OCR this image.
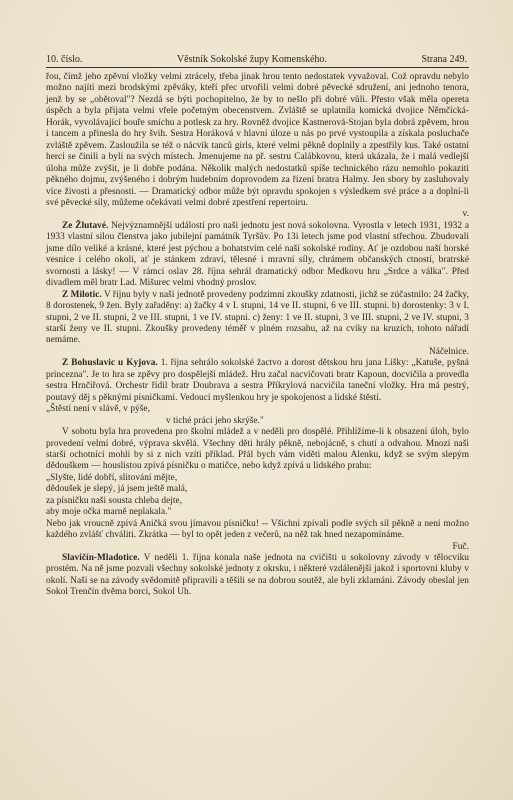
10. číslo.	Věstník Sokolské župy Komenského.	Strana 249.

řou, čímž jeho zpěvní vložky velmi ztrácely, třeba jinak hrou tento nedostatek vyvažoval. Což opravdu nebylo možno najíti mezi brodskými zpěváky, kteří přec utvořili velmi dobré pěvecké sdružení, ani jednoho tenora, jenž by se „obětoval"? Nezdá se býti pochopitelno, že by to nešlo při dobré vůli. Přesto však měla opereta úspěch a byla přijata velmi vřele početným obecenstvem. Zvláště se uplatnila komická dvojice Němčická-Horák, vyvolávající bouře smíchu a potlesk za hry. Rovněž dvojice Kastnerová-Stojan byla dobrá zpěvem, hrou i tancem a přinesla do hry švih. Sestra Horáková v hlavní úloze u nás po prvé vystoupila a získala posluchače zvláště zpěvem. Zasloužila se též o nácvik tanců girls, které velmi pěkně doplnily a zpestřily kus. Také ostatní herci se činili a byli na svých místech. Jmenujeme na př. sestru Calábkovou, která ukázala, že i malá vedlejší úloha může zvýšit, je li dobře podána. Několik malých nedostatků spíše technického rázu nemohlo pokaziti pěkného dojmu, zvýšeného i dobrým hudebním doprovodem za řízení bratra Halmy. Jen sbory by zasluhovaly více živosti a přesnosti. — Dramatický odbor může být opravdu spokojen s výsledkem své práce a a doplní-li své pěvecké síly, můžeme očekávati velmi dobré zpestření repertoiru.

v.

Ze Žlutavé. Nejvýznamnější událostí pro naši jednotu jest nová sokolovna. Vyrostla v letech 1931, 1932 a 1933 vlastní silou členstva jako jubilejní památník Tyršův. Po 13i letech jsme pod vlastní střechou. Zbudovali jsme dílo veliké a krásné, které jest pýchou a bohatstvím celé naší sokolské rodiny. Ať je ozdobou naší horské vesnice i celého okolí, ať je stánkem zdraví, tělesné i mravní síly, chrámem občanských ctností, bratrské svornosti a lásky! — V rámci oslav 28. října sehrál dramatický odbor Medkovu hru „Srdce a válka". Před divadlem měl bratr Lad. Mišurec velmi vhodný proslov.

Z Milotic. V říjnu byly v naší jednotě provedeny podzimní zkoušky zdatnosti, jichž se zúčastnilo: 24 žačky, 8 dorostenek, 9 žen. Byly zařaděny: a) žačky 4 v I. stupni, 14 ve II. stupni, 6 ve III. stupni. b) dorostenky: 3 v I. stupni, 2 ve II. stupni, 2 ve III. stupni, 1 ve IV. stupni. c) ženy: 1 ve II. stupni, 3 ve III. stupni, 2 ve IV. stupni, 3 starší ženy ve II. stupni. Zkoušky provedeny téměř v plném rozsahu, až na cviky na kruzích, tohoto nářadí nemáme.

Náčelnice.

Z Bohuslavic u Kyjova. 1. října sehrálo sokolské žactvo a dorost dětskou hru jana Lišky: „Katuše, pyšná princezna". Je to hra se zpěvy pro dospělejší mládež. Hru začal nacvičovati bratr Kapoun, docvičila a provedla sestra Hrnčířová. Orchestr řídil bratr Doubrava a sestra Příkrylová nacvičila taneční vložky. Hra má pestrý, poutavý děj s pěknými písničkami. Vedoucí myšlenkou hry je spokojenost a lidské štěstí.

„Štěstí není v slávě, v pýše,

v tiché práci jeho skrýše."

V sobotu byla hra provedena pro školní mládež a v neděli pro dospělé. Přihlížíme-li k obsazení úloh, bylo provedení velmi dobré, výprava skvělá. Všechny děti hrály pěkně, nebojácně, s chutí a odvahou. Mnozí naši starší ochotníci mohli by si z nich vzíti příklad. Přál bych vám viděti malou Alenku, když se svým slepým dědouškem — houslistou zpívá písničku o matičce, nebo když zpívá u lidského prahu:

„Slyšte, lidé dobří, slitování mějte,

dědoušek je slepý, já jsem ještě malá,

za písničku naši sousta chleba dejte,

aby moje očka marně neplakala."

Nebo jak vroucně zpívá Aničká svou jímavou písničku! -- Všichni zpívali podle svých sil pěkně a není možno každého zvlášť chváliti. Zkrátka — byl to opět jeden z večerů, na něž tak hned nezapomínáme.

Fuč.

Slavičín-Mladotice. V neděli 1. října konala naše jednota na cvičišti u sokolovny závody v tělocviku prostém. Na ně jsme pozvali všechny sokolské jednoty z okrsku, i některé vzdálenější jakož i sportovní kluby v okolí. Naši se na závody svědomitě připravili a těšili se na dobrou soutěž, ale byli zklamáni. Závody obeslal jen Sokol Trenčín dvěma borci, Sokol Uh.
